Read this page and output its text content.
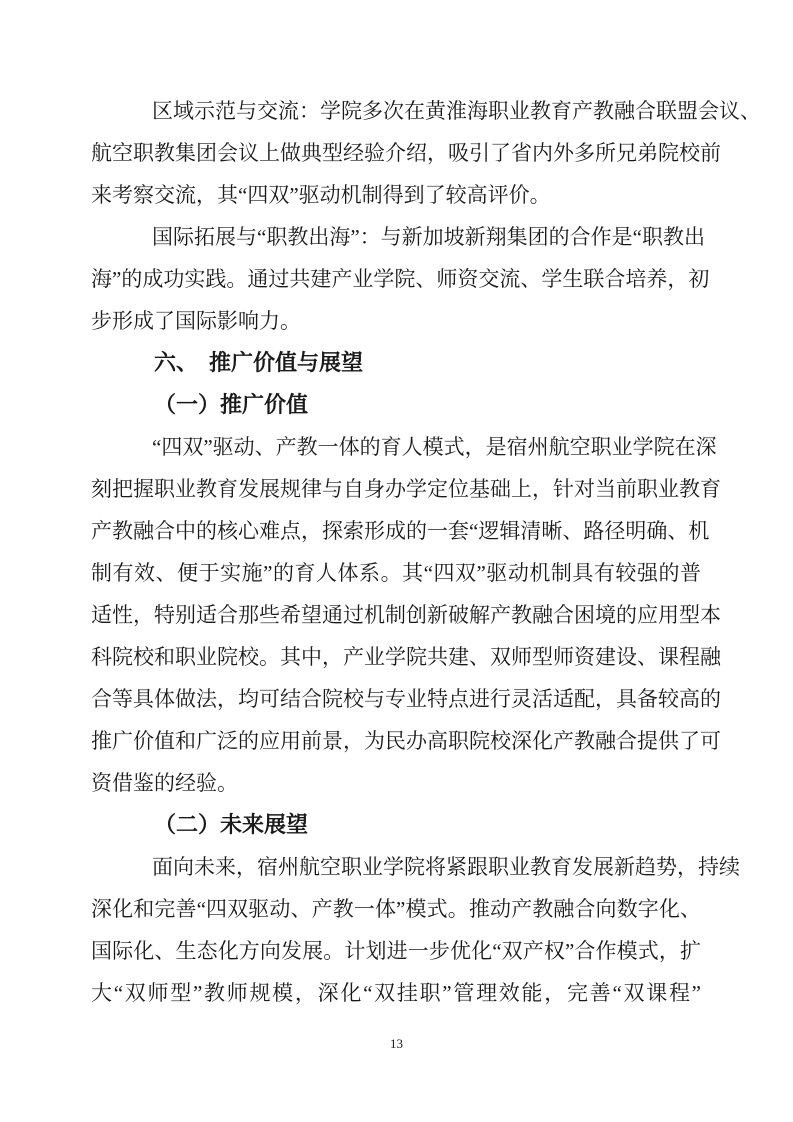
区域示范与交流：学院多次在黄淮海职业教育产教融合联盟会议、
航空职教集团会议上做典型经验介绍，吸引了省内外多所兄弟院校前
来考察交流，其“四双”驱动机制得到了较高评价。
国际拓展与“职教出海”：与新加坡新翔集团的合作是“职教出
海”的成功实践。通过共建产业学院、师资交流、学生联合培养，初
步形成了国际影响力。
六、　推广价值与展望
（一）推广价值
“四双”驱动、产教一体的育人模式，是宿州航空职业学院在深
刻把握职业教育发展规律与自身办学定位基础上，针对当前职业教育
产教融合中的核心难点，探索形成的一套“逻辑清晰、路径明确、机
制有效、便于实施”的育人体系。其“四双”驱动机制具有较强的普
适性，特别适合那些希望通过机制创新破解产教融合困境的应用型本
科院校和职业院校。其中，产业学院共建、双师型师资建设、课程融
合等具体做法，均可结合院校与专业特点进行灵活适配，具备较高的
推广价值和广泛的应用前景，为民办高职院校深化产教融合提供了可
资借鉴的经验。
（二）未来展望
面向未来，宿州航空职业学院将紧跟职业教育发展新趋势，持续
深化和完善“四双驱动、产教一体”模式。推动产教融合向数字化、
国际化、生态化方向发展。计划进一步优化“双产权”合作模式，扩
大“双师型”教师规模，深化“双挂职”管理效能，完善“双课程”
13
